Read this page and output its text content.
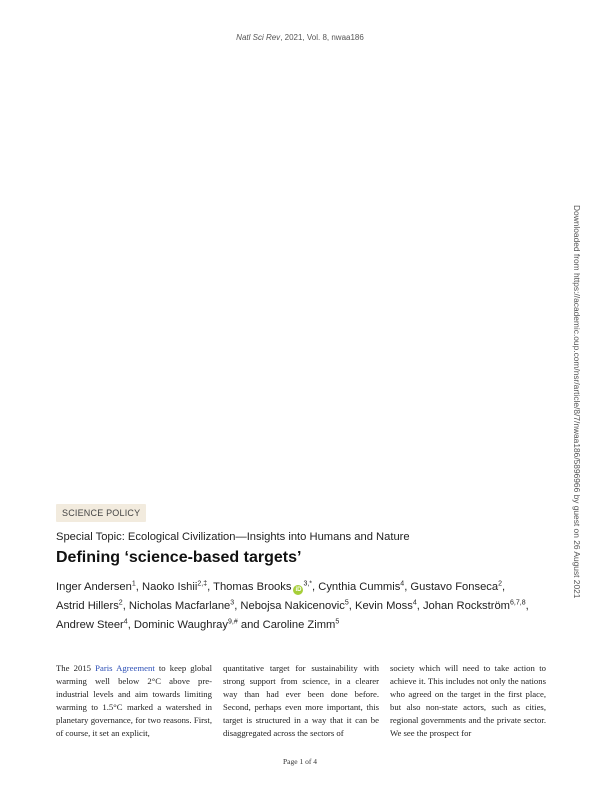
Natl Sci Rev, 2021, Vol. 8, nwaa186
Downloaded from https://academic.oup.com/nsr/article/8/7/nwaa186/5896966 by guest on 26 August 2021
SCIENCE POLICY
Special Topic: Ecological Civilization—Insights into Humans and Nature
Defining ‘science-based targets’
Inger Andersen$^1$, Naoko Ishii$^{2,\ddagger}$, Thomas Brooks $iD^{3,*}$, Cynthia Cummis$^4$, Gustavo Fonseca$^2$,
Astrid Hillers$^2$, Nicholas Macfarlane$^3$, Nebojsa Nakicenovic$^5$, Kevin Moss$^4$, Johan Rockström$^{6,7,8}$,
Andrew Steer$^4$, Dominic Waughray$^{9,\#}$ and Caroline Zimm$^5$
The 2015 Paris Agreement to keep global warming well below 2°C above pre-industrial levels and aim towards limiting warming to 1.5°C marked a watershed in planetary governance, for two reasons. First, of course, it set an explicit,
quantitative target for sustainability with strong support from science, in a clearer way than had ever been done before. Second, perhaps even more important, this target is structured in a way that it can be disaggregated across the sectors of
society which will need to take action to achieve it. This includes not only the nations who agreed on the target in the first place, but also non-state actors, such as cities, regional governments and the private sector. We see the prospect for
Page 1 of 4
